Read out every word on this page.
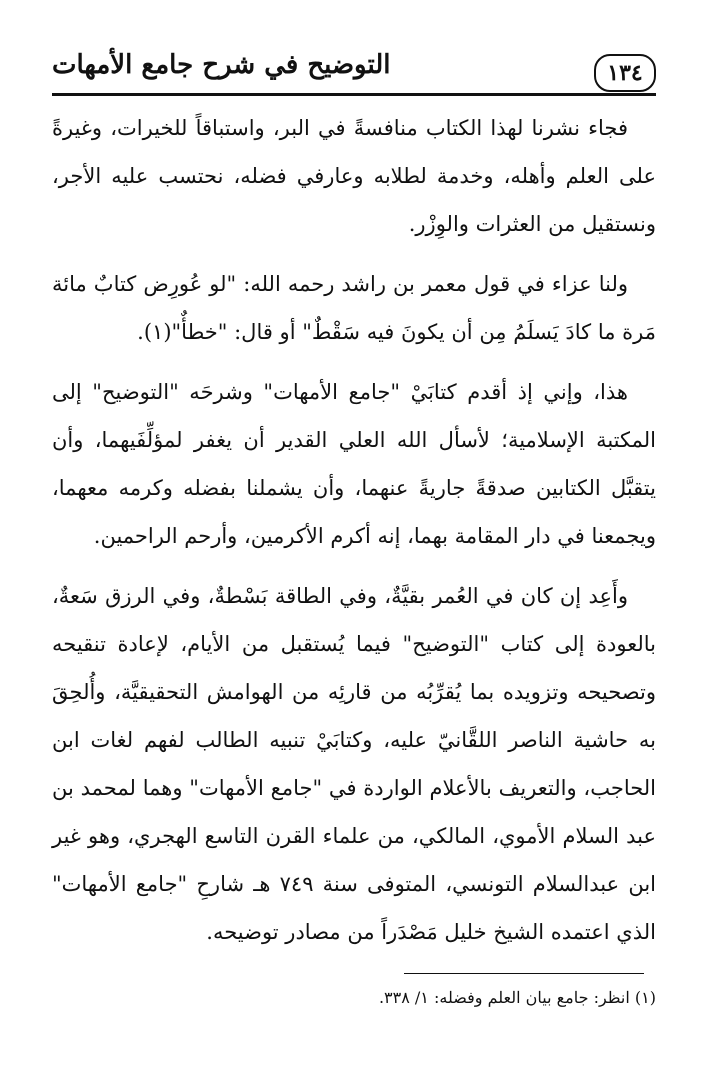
١٣٤
التوضيح في شرح جامع الأمهات

فجاء نشرنا لهذا الكتاب منافسةً في البر، واستباقاً للخيرات، وغيرةً على العلم وأهله، وخدمة لطلابه وعارفي فضله، نحتسب عليه الأجر، ونستقيل من العثرات والوِزْر.

ولنا عزاء في قول معمر بن راشد رحمه الله: "لو عُورِض كتابٌ مائة مَرة ما كادَ يَسلَمُ مِن أن يكونَ فيه سَقْطٌ" أو قال: "خطأٌ"(١).

هذا، وإني إذ أقدم كتابَيْ "جامع الأمهات" وشرحَه "التوضيح" إلى المكتبة الإسلامية؛ لأسأل الله العلي القدير أن يغفر لمؤلِّفَيهما، وأن يتقبَّل الكتابين صدقةً جاريةً عنهما، وأن يشملنا بفضله وكرمه معهما، ويجمعنا في دار المقامة بهما، إنه أكرم الأكرمين، وأرحم الراحمين.

وأَعِد إن كان في العُمر بقيَّةٌ، وفي الطاقة بَسْطةٌ، وفي الرزق سَعةٌ، بالعودة إلى كتاب "التوضيح" فيما يُستقبل من الأيام، لإعادة تنقيحه وتصحيحه وتزويده بما يُقرِّبُه من قارئِه من الهوامش التحقيقيَّة، وأُلحِقَ به حاشية الناصر اللقَّانيّ عليه، وكتابَيْ تنبيه الطالب لفهم لغات ابن الحاجب، والتعريف بالأعلام الواردة في "جامع الأمهات" وهما لمحمد بن عبد السلام الأموي، المالكي، من علماء القرن التاسع الهجري، وهو غير ابن عبدالسلام التونسي، المتوفى سنة ٧٤٩ هـ شارحِ "جامع الأمهات" الذي اعتمده الشيخ خليل مَصْدَراً من مصادر توضيحه.

(١) انظر: جامع بيان العلم وفضله: ١/ ٣٣٨.
